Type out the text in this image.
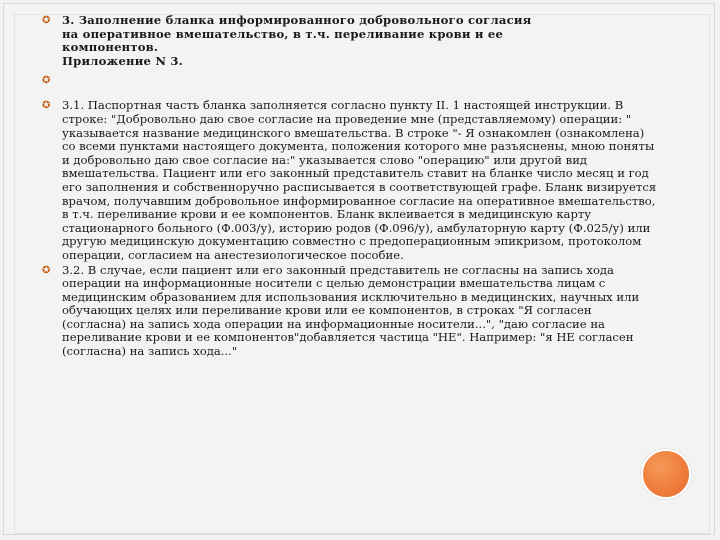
✪ 3. Заполнение бланка информированного добровольного согласия
на оперативное вмешательство, в т.ч. переливание крови и ее
компонентов.
Приложение N 3.
✪
✪ 3.1. Паспортная часть бланка заполняется согласно пункту II. 1 настоящей инструкции. В строке: "Добровольно даю свое согласие на проведение мне (представляемому) операции: " указывается название медицинского вмешательства. В строке "- Я ознакомлен (ознакомлена) со всеми пунктами настоящего документа, положения которого мне разъяснены, мною поняты и добровольно даю свое согласие на:" указывается слово "операцию" или другой вид вмешательства. Пациент или его законный представитель ставит на бланке число месяц и год его заполнения и собственноручно расписывается в соответствующей графе. Бланк визируется врачом, получавшим добровольное информированное согласие на оперативное вмешательство, в т.ч. переливание крови и ее компонентов. Бланк вклеивается в медицинскую карту стационарного больного (Ф.003/у), историю родов (Ф.096/у), амбулаторную карту (Ф.025/у) или другую медицинскую документацию совместно с предоперационным эпикризом, протоколом операции, согласием на анестезиологическое пособие.

✪ 3.2. В случае, если пациент или его законный представитель не согласны на запись хода операции на информационные носители с целью демонстрации вмешательства лицам с медицинским образованием для использования исключительно в медицинских, научных или обучающих целях или переливание крови или ее компонентов, в строках "Я согласен (согласна) на запись хода операции на информационные носители...", "даю согласие на переливание крови и ее компонентов"добавляется частица "НЕ". Например: "я НЕ согласен (согласна) на запись хода..."
